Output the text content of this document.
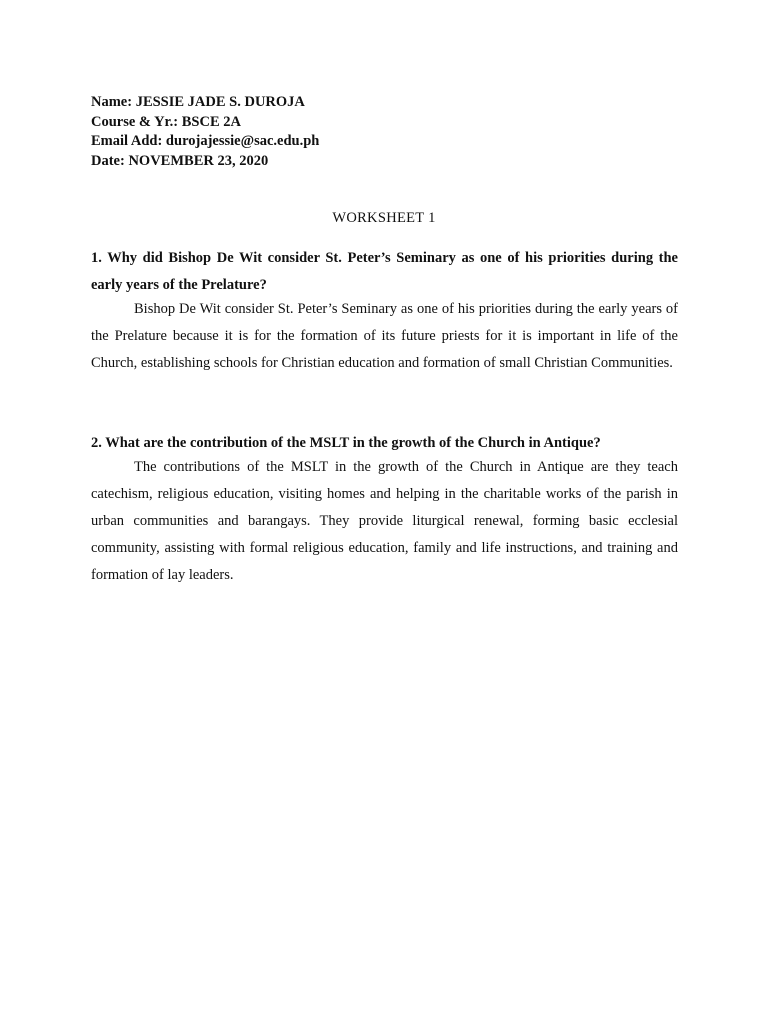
Name: JESSIE JADE S. DUROJA
Course & Yr.: BSCE 2A
Email Add: durojajessie@sac.edu.ph
Date: NOVEMBER 23, 2020
WORKSHEET 1
1. Why did Bishop De Wit consider St. Peter’s Seminary as one of his priorities during the early years of the Prelature?
Bishop De Wit consider St. Peter’s Seminary as one of his priorities during the early years of the Prelature because it is for the formation of its future priests for it is important in life of the Church, establishing schools for Christian education and formation of small Christian Communities.
2. What are the contribution of the MSLT in the growth of the Church in Antique?
The contributions of the MSLT in the growth of the Church in Antique are they teach catechism, religious education, visiting homes and helping in the charitable works of the parish in urban communities and barangays. They provide liturgical renewal, forming basic ecclesial community, assisting with formal religious education, family and life instructions, and training and formation of lay leaders.
